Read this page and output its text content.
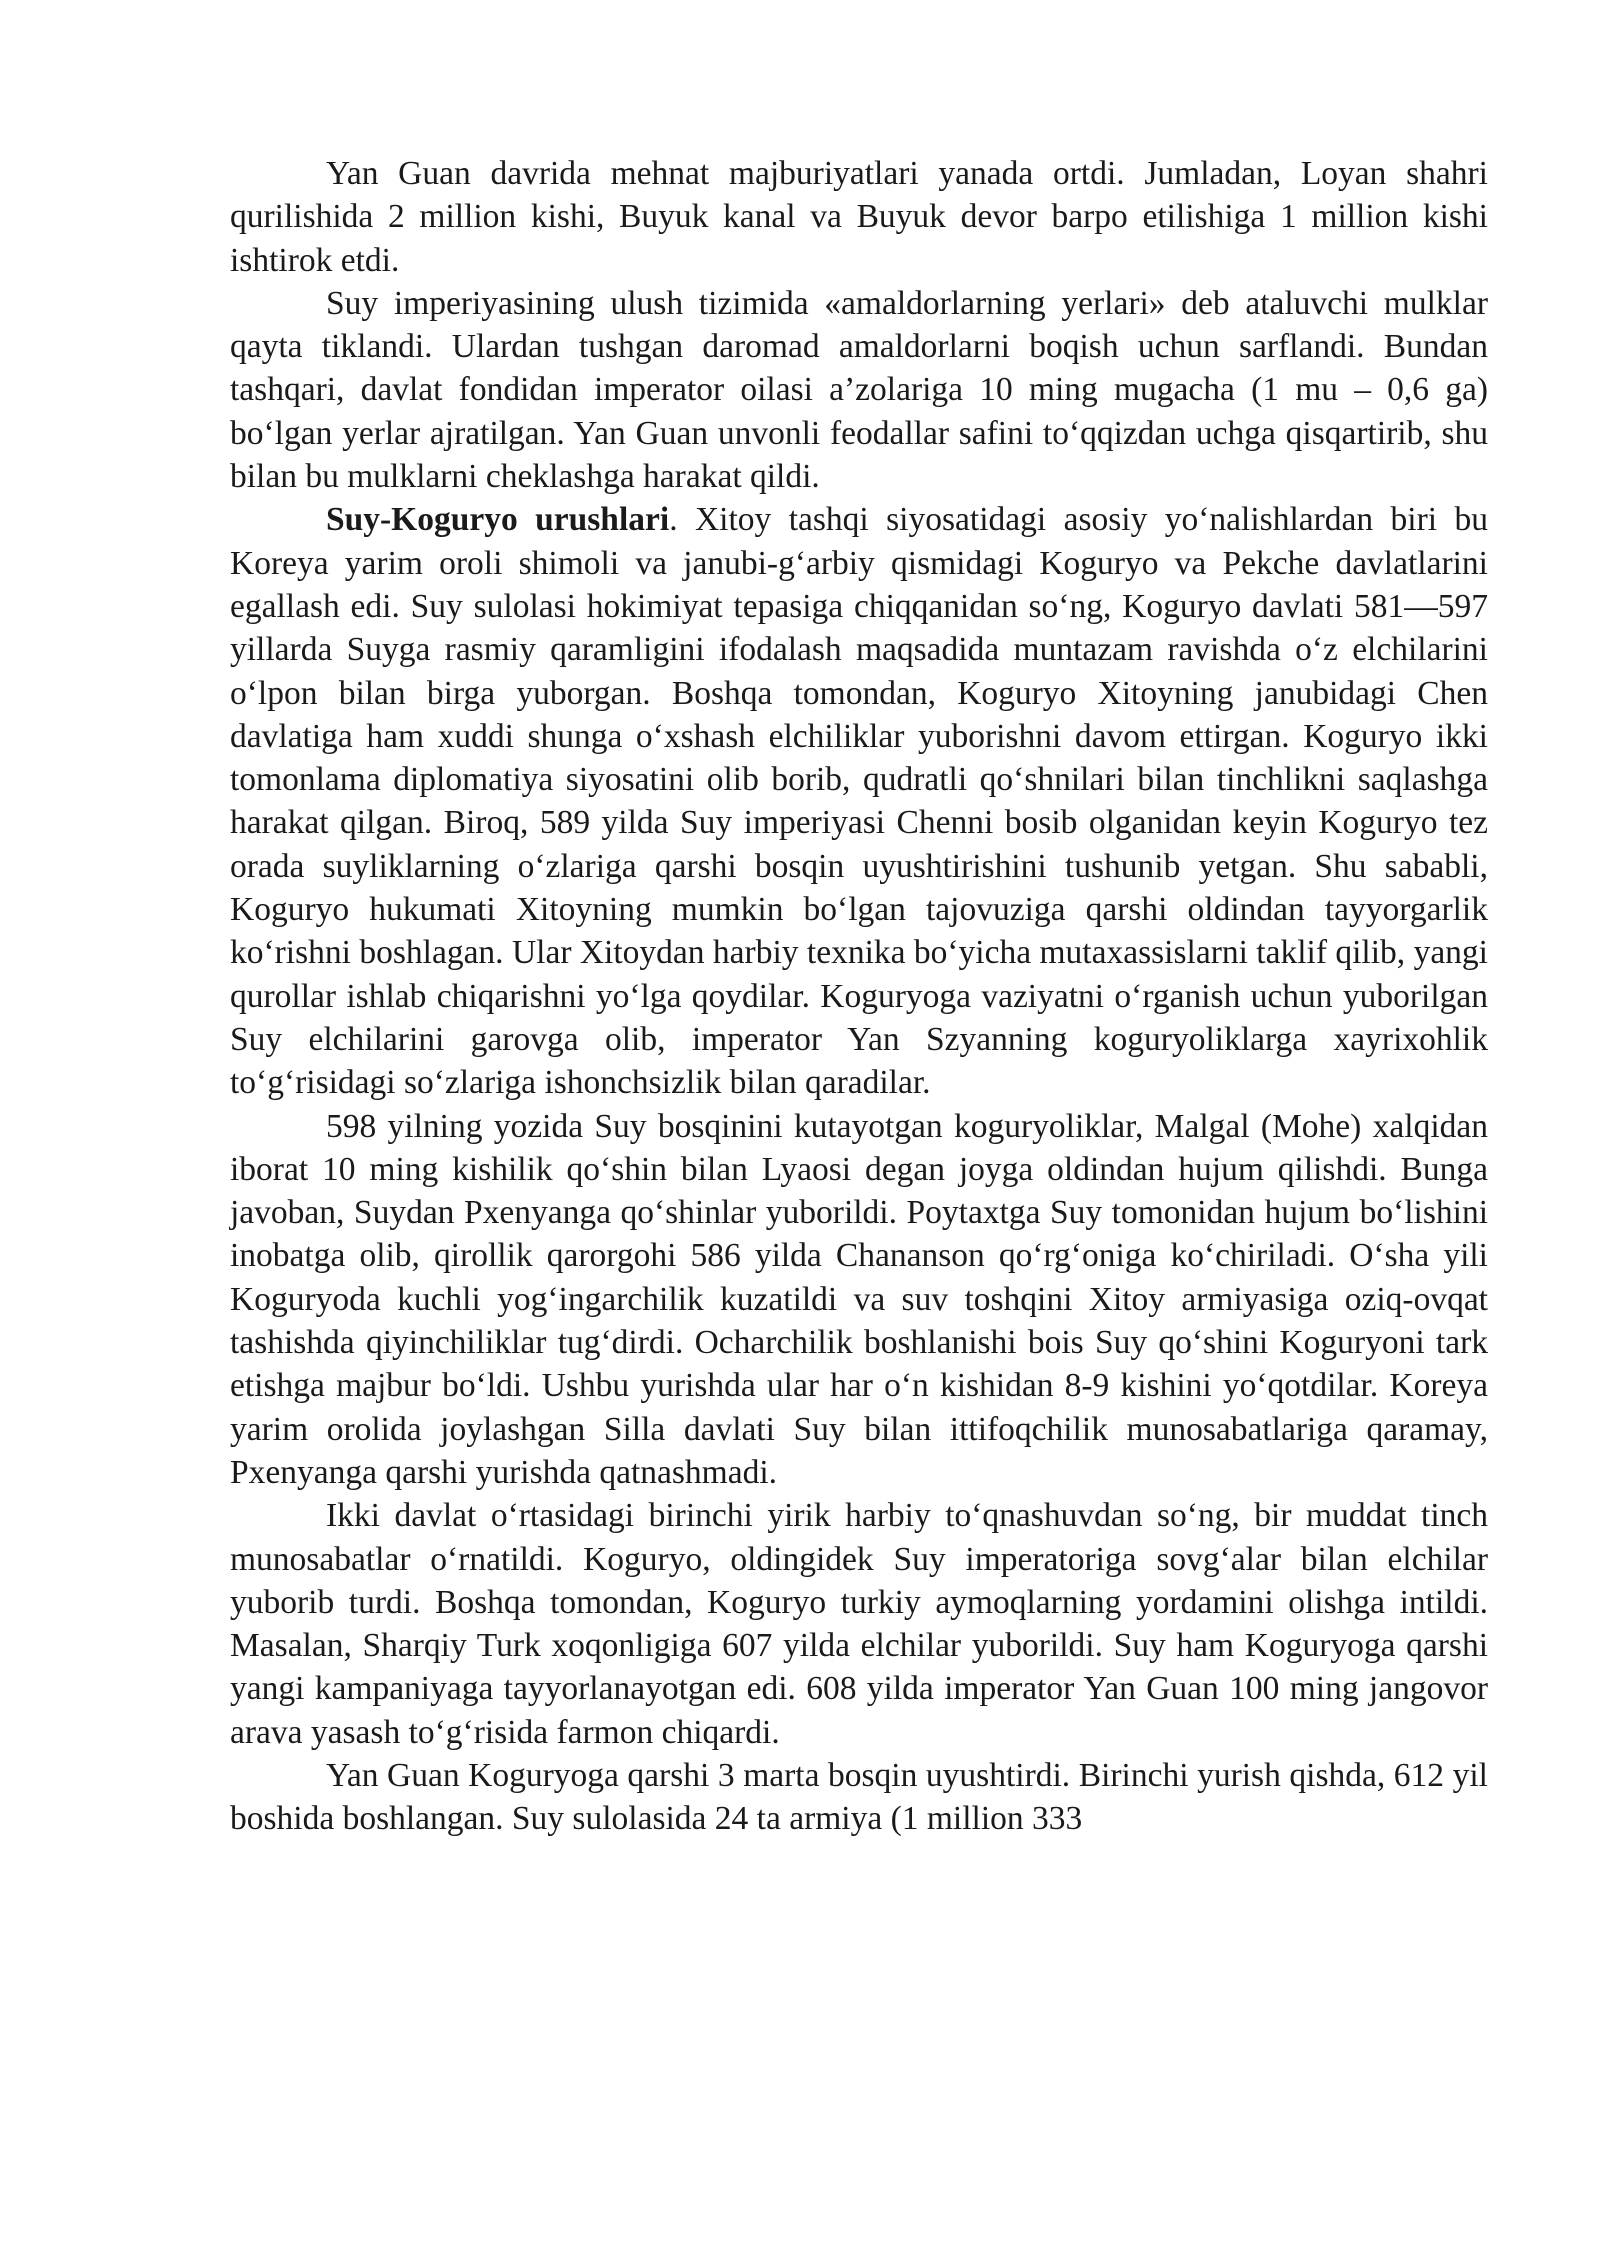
Yan Guan davrida mehnat majburiyatlari yanada ortdi. Jumladan, Loyan shahri qurilishida 2 million kishi, Buyuk kanal va Buyuk devor barpo etilishiga 1 million kishi ishtirok etdi.

Suy imperiyasining ulush tizimida «amaldorlarning yerlari» deb ataluvchi mulklar qayta tiklandi. Ulardan tushgan daromad amaldorlarni boqish uchun sarflandi. Bundan tashqari, davlat fondidan imperator oilasi a’zolariga 10 ming mugacha (1 mu – 0,6 ga) bo‘lgan yerlar ajratilgan. Yan Guan unvonli feodallar safini to‘qqizdan uchga qisqartirib, shu bilan bu mulklarni cheklashga harakat qildi.

Suy-Koguryo urushlari. Xitoy tashqi siyosatidagi asosiy yo‘nalishlardan biri bu Koreya yarim oroli shimoli va janubi-g‘arbiy qismidagi Koguryo va Pekche davlatlarini egallash edi. Suy sulolasi hokimiyat tepasiga chiqqanidan so‘ng, Koguryo davlati 581—597 yillarda Suyga rasmiy qaramligini ifodalash maqsadida muntazam ravishda o‘z elchilarini o‘lpon bilan birga yuborgan. Boshqa tomondan, Koguryo Xitoyning janubidagi Chen davlatiga ham xuddi shunga o‘xshash elchiliklar yuborishni davom ettirgan. Koguryo ikki tomonlama diplomatiya siyosatini olib borib, qudratli qo‘shnilari bilan tinchlikni saqlashga harakat qilgan. Biroq, 589 yilda Suy imperiyasi Chenni bosib olganidan keyin Koguryo tez orada suyliklarning o‘zlariga qarshi bosqin uyushtirishini tushunib yetgan. Shu sababli, Koguryo hukumati Xitoyning mumkin bo‘lgan tajovuziga qarshi oldindan tayyorgarlik ko‘rishni boshlagan. Ular Xitoydan harbiy texnika bo‘yicha mutaxassislarni taklif qilib, yangi qurollar ishlab chiqarishni yo‘lga qoydilar. Koguryoga vaziyatni o‘rganish uchun yuborilgan Suy elchilarini garovga olib, imperator Yan Szyanning koguryoliklarga xayrixohlik to‘g‘risidagi so‘zlariga ishonchsizlik bilan qaradilar.

598 yilning yozida Suy bosqinini kutayotgan koguryoliklar, Malgal (Mohe) xalqidan iborat 10 ming kishilik qo‘shin bilan Lyaosi degan joyga oldindan hujum qilishdi. Bunga javoban, Suydan Pxenyanga qo‘shinlar yuborildi. Poytaxtga Suy tomonidan hujum bo‘lishini inobatga olib, qirollik qarorgohi 586 yilda Chananson qo‘rg‘oniga ko‘chiriladi. O‘sha yili Koguryoda kuchli yog‘ingarchilik kuzatildi va suv toshqini Xitoy armiyasiga oziq-ovqat tashishda qiyinchiliklar tug‘dirdi. Ocharchilik boshlanishi bois Suy qo‘shini Koguryoni tark etishga majbur bo‘ldi. Ushbu yurishda ular har o‘n kishidan 8-9 kishini yo‘qotdilar. Koreya yarim orolida joylashgan Silla davlati Suy bilan ittifoqchilik munosabatlariga qaramay, Pxenyanga qarshi yurishda qatnashmadi.

Ikki davlat o‘rtasidagi birinchi yirik harbiy to‘qnashuvdan so‘ng, bir muddat tinch munosabatlar o‘rnatildi. Koguryo, oldingidek Suy imperatoriga sovg‘alar bilan elchilar yuborib turdi. Boshqa tomondan, Koguryo turkiy aymoqlarning yordamini olishga intildi. Masalan, Sharqiy Turk xoqonligiga 607 yilda elchilar yuborildi. Suy ham Koguryoga qarshi yangi kampaniyaga tayyorlanayotgan edi. 608 yilda imperator Yan Guan 100 ming jangovor arava yasash to‘g‘risida farmon chiqardi.

Yan Guan Koguryoga qarshi 3 marta bosqin uyushtirdi. Birinchi yurish qishda, 612 yil boshida boshlangan. Suy sulolasida 24 ta armiya (1 million 333
